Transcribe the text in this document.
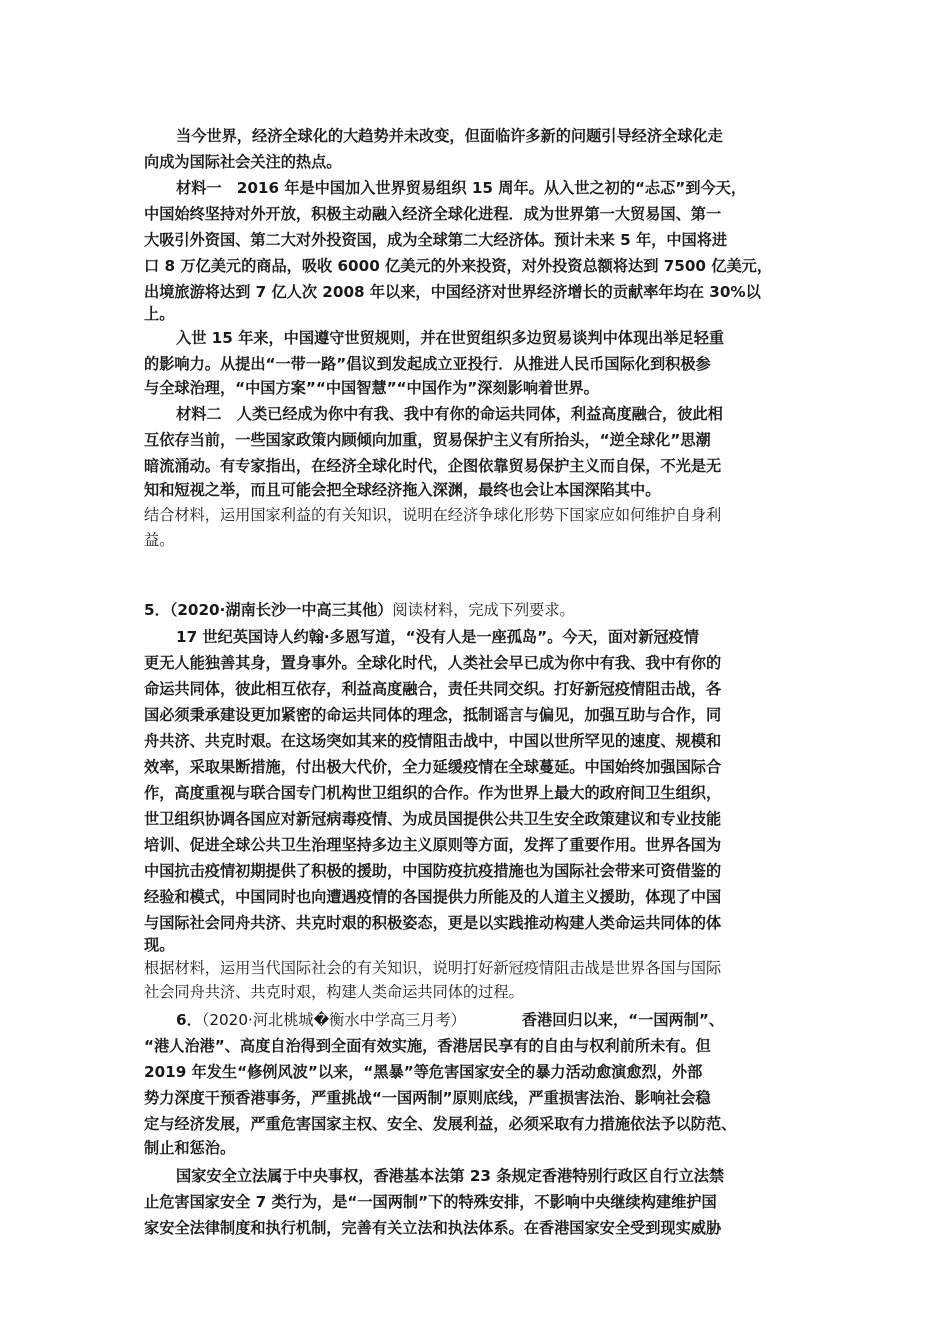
当今世界，经济全球化的大趋势并未改变，但面临许多新的问题引导经济全球化走
向成为国际社会关注的热点。
材料一　2016 年是中国加入世界贸易组织 15 周年。从入世之初的“忐忑”到今天，
中国始终坚持对外开放，积极主动融入经济全球化进程．成为世界第一大贸易国、第一
大吸引外资国、第二大对外投资国，成为全球第二大经济体。预计未来 5 年，中国将进
口 8 万亿美元的商品，吸收 6000 亿美元的外来投资，对外投资总额将达到 7500 亿美元，
出境旅游将达到 7 亿人次 2008 年以来，中国经济对世界经济增长的贡献率年均在 30%以
上。
入世 15 年来，中国遵守世贸规则，并在世贸组织多边贸易谈判中体现出举足轻重
的影响力。从提出“一带一路”倡议到发起成立亚投行．从推进人民币国际化到积极参
与全球治理，“中国方案”“中国智慧”“中国作为”深刻影响着世界。
材料二　人类已经成为你中有我、我中有你的命运共同体，利益高度融合，彼此相
互依存当前，一些国家政策内顾倾向加重，贸易保护主义有所抬头，“逆全球化”思潮
暗流涌动。有专家指出，在经济全球化时代，企图依靠贸易保护主义而自保，不光是无
知和短视之举，而且可能会把全球经济拖入深渊，最终也会让本国深陷其中。
结合材料，运用国家利益的有关知识，说明在经济争球化形势下国家应如何维护自身利
益。
5．（2020·湖南长沙一中高三其他）阅读材料，完成下列要求。
17 世纪英国诗人约翰·多恩写道，“没有人是一座孤岛”。今天，面对新冠疫情
更无人能独善其身，置身事外。全球化时代，人类社会早已成为你中有我、我中有你的
命运共同体，彼此相互依存，利益高度融合，责任共同交织。打好新冠疫情阻击战，各
国必须秉承建设更加紧密的命运共同体的理念，抵制谣言与偏见，加强互助与合作，同
舟共济、共克时艰。在这场突如其来的疫情阻击战中，中国以世所罕见的速度、规模和
效率，采取果断措施，付出极大代价，全力延缓疫情在全球蔓延。中国始终加强国际合
作，高度重视与联合国专门机构世卫组织的合作。作为世界上最大的政府间卫生组织，
世卫组织协调各国应对新冠病毒疫情、为成员国提供公共卫生安全政策建议和专业技能
培训、促进全球公共卫生治理坚持多边主义原则等方面，发挥了重要作用。世界各国为
中国抗击疫情初期提供了积极的援助，中国防疫抗疫措施也为国际社会带来可资借鉴的
经验和模式，中国同时也向遭遇疫情的各国提供力所能及的人道主义援助，体现了中国
与国际社会同舟共济、共克时艰的积极姿态，更是以实践推动构建人类命运共同体的体
现。
根据材料，运用当代国际社会的有关知识，说明打好新冠疫情阻击战是世界各国与国际
社会同舟共济、共克时艰，构建人类命运共同体的过程。
6．（2020·河北桃城�衡水中学高三月考）	香港回归以来，“一国两制”、
“港人治港”、高度自治得到全面有效实施，香港居民享有的自由与权利前所未有。但
2019 年发生“修例风波”以来，“黑暴”等危害国家安全的暴力活动愈演愈烈，外部
势力深度干预香港事务，严重挑战“一国两制”原则底线，严重损害法治、影响社会稳
定与经济发展，严重危害国家主权、安全、发展利益，必须采取有力措施依法予以防范、
制止和惩治。
国家安全立法属于中央事权，香港基本法第 23 条规定香港特别行政区自行立法禁
止危害国家安全 7 类行为，是“一国两制”下的特殊安排，不影响中央继续构建维护国
家安全法律制度和执行机制，完善有关立法和执法体系。在香港国家安全受到现实威胁
